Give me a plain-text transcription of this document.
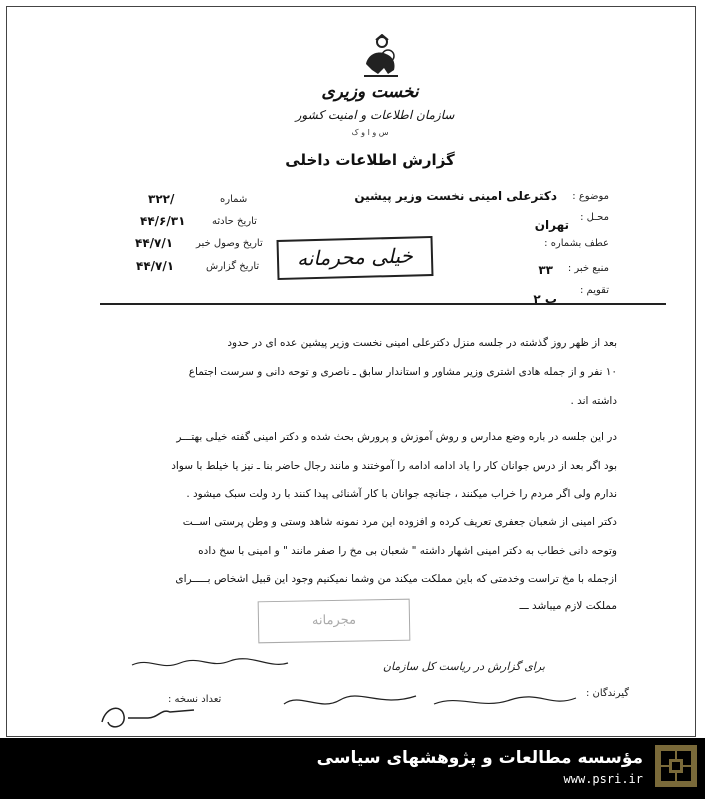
نخست وزیری
سازمان اطلاعات و امنیت کشور
س و ا و ک
گزارش اطلاعات داخلی
موضوع :
دکترعلی امینی نخست وزیر پیشین
محـل :
تهران
عطف بشماره :
منبع خبر :
۳۳
تقویم :
ب ۲
شماره
۳۲۲/
تاریخ حادثه
۴۴/۶/۳۱
تاریخ وصول خبر
۴۴/۷/۱
تاریخ گزارش
۴۴/۷/۱	خیلی محرمانه
بعد از ظهر روز گذشته در جلسه منزل دکترعلی امینی نخست وزیر پیشین عده ای در حدود
۱۰ نفر و از جمله هادی اشتری وزیر مشاور و استاندار سابق ـ ناصری و توحه دانی و سرست اجتماع
داشته اند .
در این جلسه در باره وضع مدارس و روش آموزش و پرورش بحث شده و دکتر امینی گفته خیلی بهتـــر
بود اگر بعد از درس جوانان کار را یاد ادامه ادامه را آموختند و مانند رجال حاضر بنا ـ نیز یا خیلط با سواد
ندارم ولی اگر مردم را خراب میکنند ، جنانچه جوانان با کار آشنائی پیدا کنند با رد ولت سبک میشود .
دکتر امینی از شعبان جعفری تعریف کرده و افزوده این مرد نمونه شاهد وستی و وطن پرستی اســت
وتوحه دانی خطاب به دکتر امینی اشهار داشته " شعبان بی مخ را صفر مانند " و امینی با سخ داده
ازجمله با مخ تراست وخدمتی که باین مملکت میکند من وشما نمیکنیم وجود این قبیل اشخاص بـــــرای
مملکت لازم میباشد ـــ
مجرمانه
برای گزارش در ریاست کل سازمان
گیرندگان :
تعداد نسخه :
مؤسسه مطالعات و پژوهشهای سیاسی
www.psri.ir
